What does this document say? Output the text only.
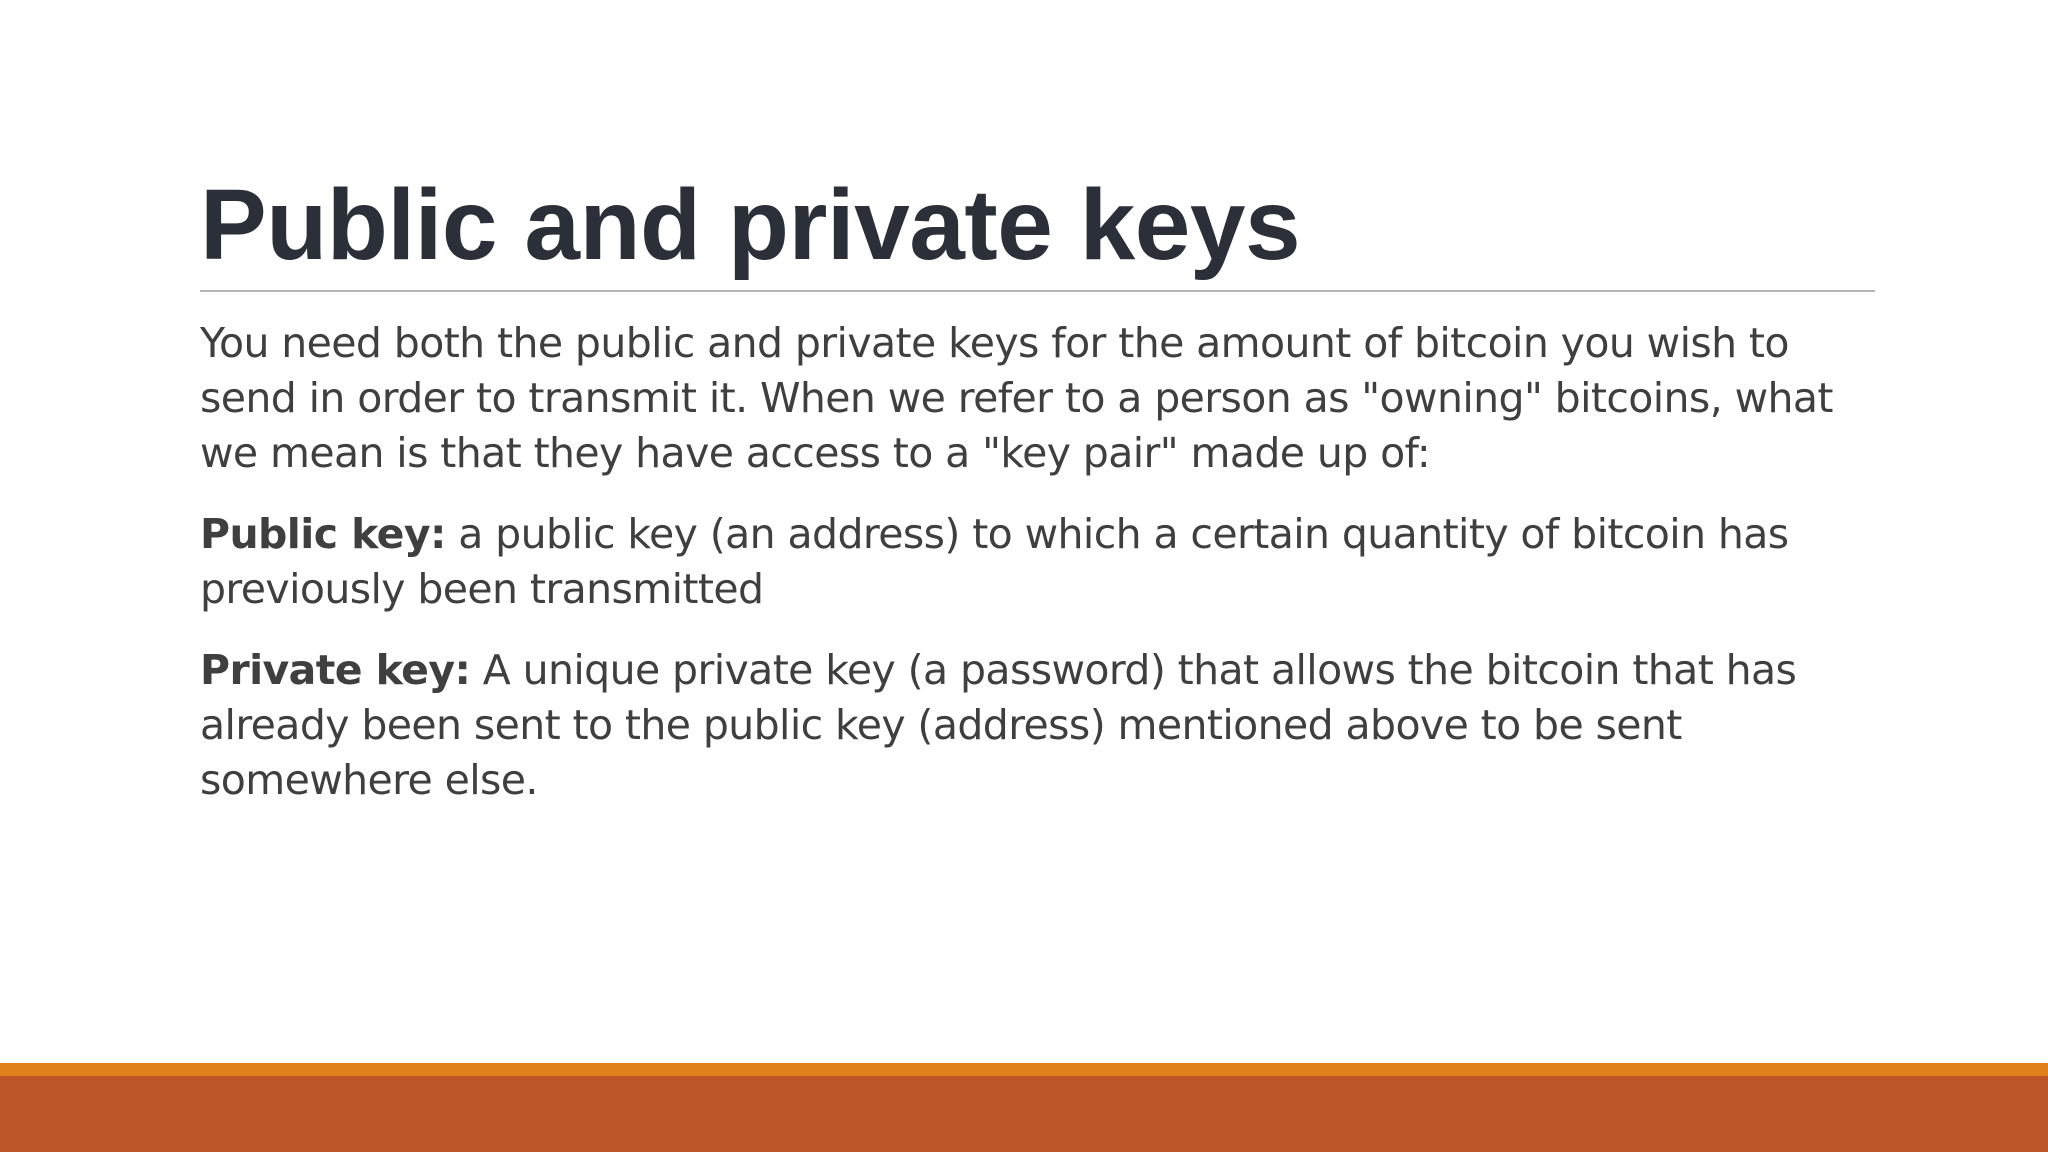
Public and private keys

You need both the public and private keys for the amount of bitcoin you wish to send in order to transmit it. When we refer to a person as "owning" bitcoins, what we mean is that they have access to a "key pair" made up of:

Public key: a public key (an address) to which a certain quantity of bitcoin has previously been transmitted

Private key: A unique private key (a password) that allows the bitcoin that has already been sent to the public key (address) mentioned above to be sent somewhere else.
